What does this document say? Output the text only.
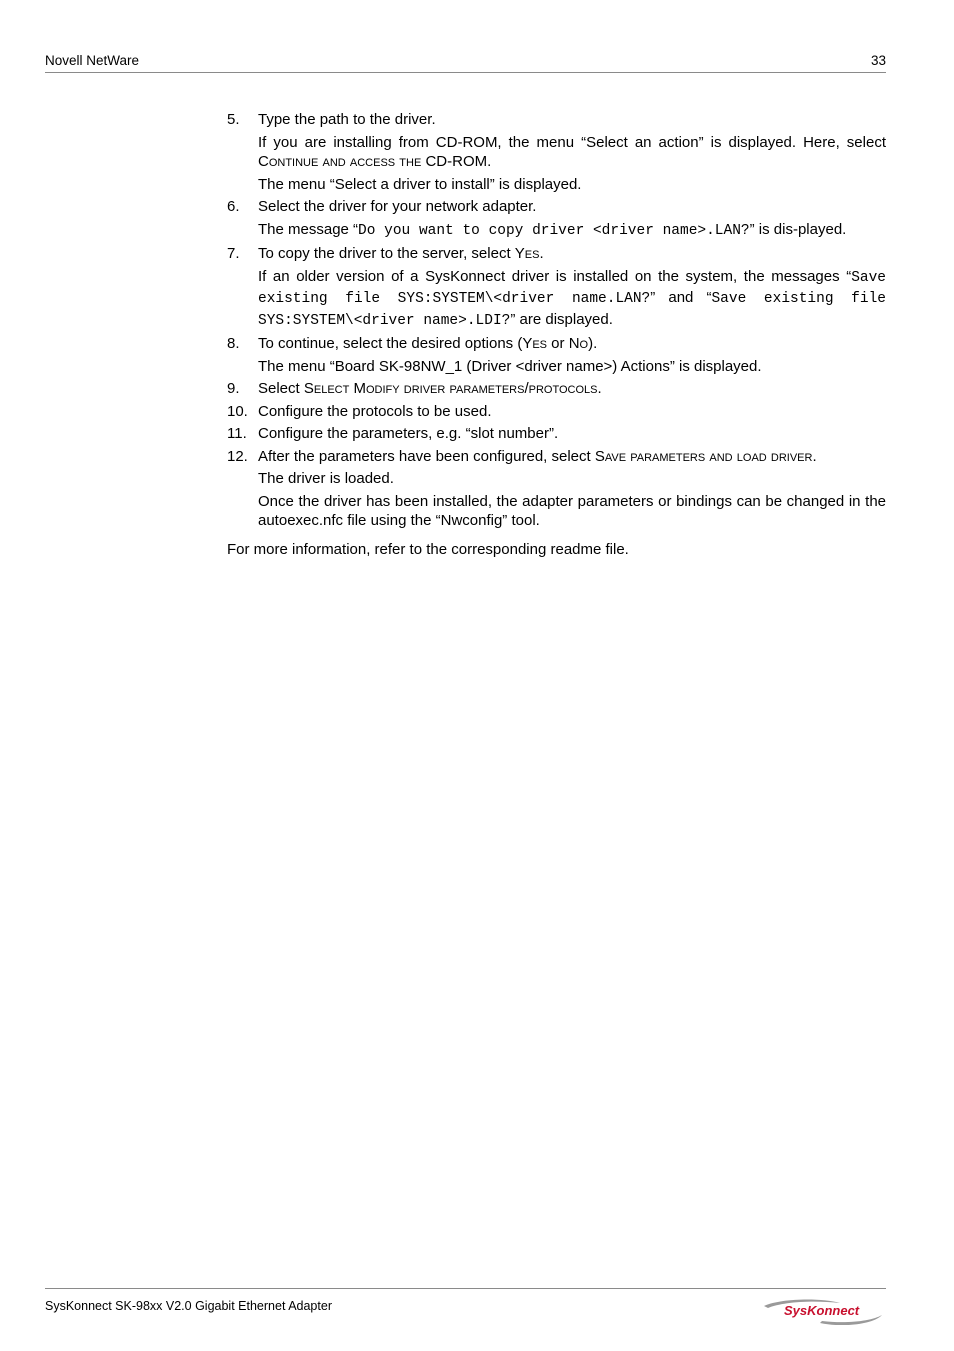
Novell NetWare	33
5. Type the path to the driver.
If you are installing from CD-ROM, the menu “Select an action” is displayed. Here, select Continue and access the CD-ROM.
The menu “Select a driver to install” is displayed.
6. Select the driver for your network adapter.
The message “Do you want to copy driver <driver name>.LAN?” is dis-played.
7. To copy the driver to the server, select Yes.
If an older version of a SysKonnect driver is installed on the system, the messages “Save existing file SYS:SYSTEM\<driver name.LAN?” and “Save existing file SYS:SYSTEM\<driver name>.LDI?” are displayed.
8. To continue, select the desired options (Yes or No).
The menu “Board SK-98NW_1 (Driver <driver name>) Actions” is displayed.
9. Select Select Modify driver parameters/protocols.
10. Configure the protocols to be used.
11. Configure the parameters, e.g. “slot number”.
12. After the parameters have been configured, select Save parameters and load driver.
The driver is loaded.
Once the driver has been installed, the adapter parameters or bindings can be changed in the autoexec.nfc file using the “Nwconfig” tool.
For more information, refer to the corresponding readme file.
SysKonnect SK-98xx V2.0 Gigabit Ethernet Adapter	SysKonnect
